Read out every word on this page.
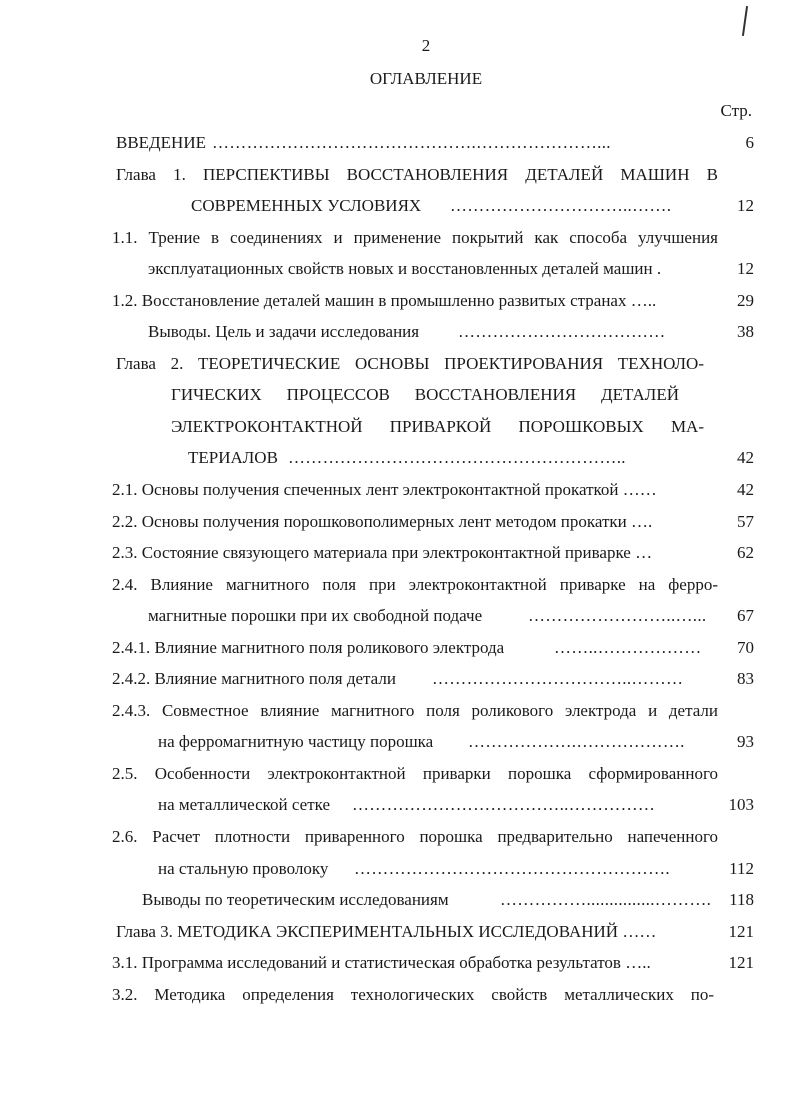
2
ОГЛАВЛЕНИЕ
Стр.
ВВЕДЕНИЕ ……………………………………….…………………...	6
Глава 1. ПЕРСПЕКТИВЫ ВОССТАНОВЛЕНИЯ ДЕТАЛЕЙ МАШИН В
СОВРЕМЕННЫХ УСЛОВИЯХ …………………………..…….	12
1.1. Трение в соединениях и применение покрытий как способа улучшения
эксплуатационных свойств новых и восстановленных деталей машин .	12
1.2. Восстановление деталей машин в промышленно развитых странах …..	29
Выводы. Цель и задачи исследования ………………………………	38
Глава 2. ТЕОРЕТИЧЕСКИЕ ОСНОВЫ ПРОЕКТИРОВАНИЯ ТЕХНОЛО-
ГИЧЕСКИХ ПРОЦЕССОВ ВОССТАНОВЛЕНИЯ ДЕТАЛЕЙ
ЭЛЕКТРОКОНТАКТНОЙ ПРИВАРКОЙ ПОРОШКОВЫХ МА-
ТЕРИАЛОВ …………………………………………………..	42
2.1. Основы получения спеченных лент электроконтактной прокаткой ……	42
2.2. Основы получения порошковополимерных лент методом прокатки ….	57
2.3. Состояние связующего материала при электроконтактной приварке …	62
2.4. Влияние магнитного поля при электроконтактной приварке на ферро-
магнитные порошки при их свободной подаче	……………………..…...	67
2.4.1. Влияние магнитного поля роликового электрода	……..………………	70
2.4.2. Влияние магнитного поля детали ……………………………..………	83
2.4.3. Совместное влияние магнитного поля роликового электрода и детали
на ферромагнитную частицу порошка ……………….……………….	93
2.5. Особенности электроконтактной приварки порошка сформированного
на металлической сетке ………………………………..……………	103
2.6. Расчет плотности приваренного порошка предварительно напеченного
на стальную проволоку ……………………………………………….	112
Выводы по теоретическим исследованиям	……………...............………. 118
Глава 3. МЕТОДИКА ЭКСПЕРИМЕНТАЛЬНЫХ ИССЛЕДОВАНИЙ ……	121
3.1. Программа исследований и статистическая обработка результатов …..	121
3.2. Методика определения технологических свойств металлических по-
